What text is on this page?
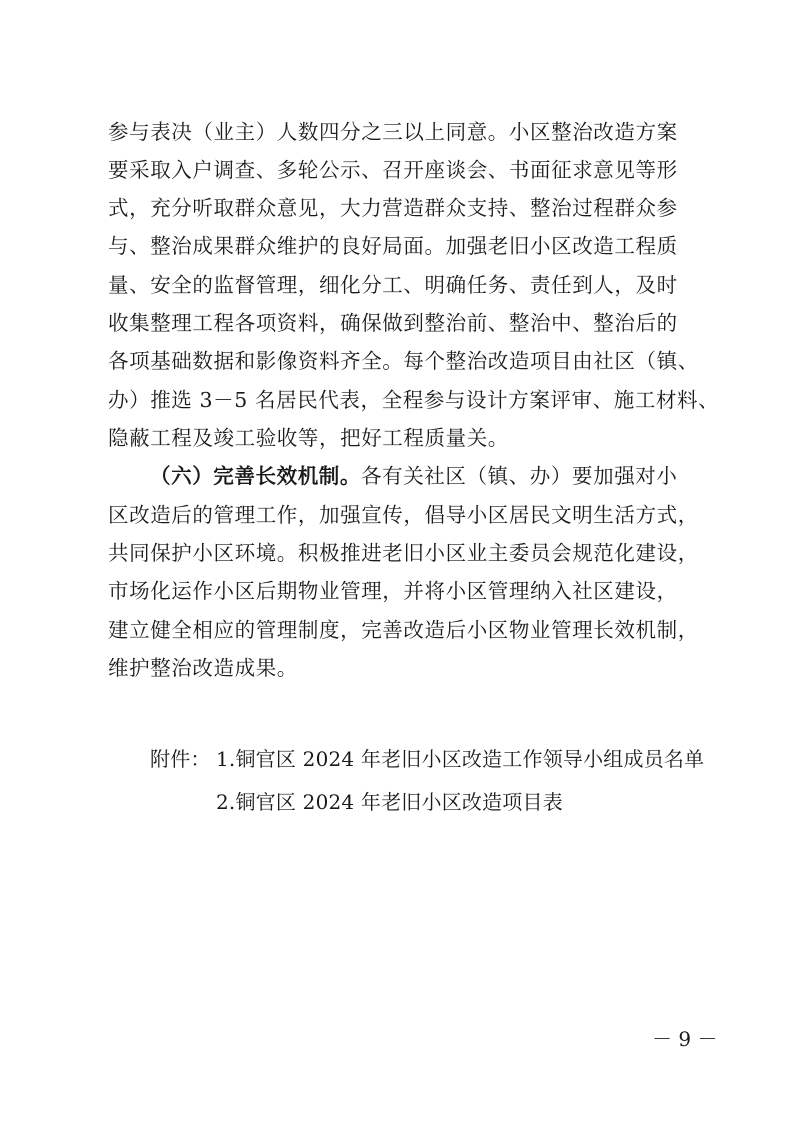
参与表决（业主）人数四分之三以上同意。小区整治改造方案
要采取入户调查、多轮公示、召开座谈会、书面征求意见等形
式，充分听取群众意见，大力营造群众支持、整治过程群众参
与、整治成果群众维护的良好局面。加强老旧小区改造工程质
量、安全的监督管理，细化分工、明确任务、责任到人，及时
收集整理工程各项资料，确保做到整治前、整治中、整治后的
各项基础数据和影像资料齐全。每个整治改造项目由社区（镇、
办）推选 3－5 名居民代表，全程参与设计方案评审、施工材料、
隐蔽工程及竣工验收等，把好工程质量关。
（六）完善长效机制。各有关社区（镇、办）要加强对小
区改造后的管理工作，加强宣传，倡导小区居民文明生活方式，
共同保护小区环境。积极推进老旧小区业主委员会规范化建设，
市场化运作小区后期物业管理，并将小区管理纳入社区建设，
建立健全相应的管理制度，完善改造后小区物业管理长效机制，
维护整治改造成果。
附件： 1.铜官区 2024 年老旧小区改造工作领导小组成员名单
2.铜官区 2024 年老旧小区改造项目表
－ 9 －
